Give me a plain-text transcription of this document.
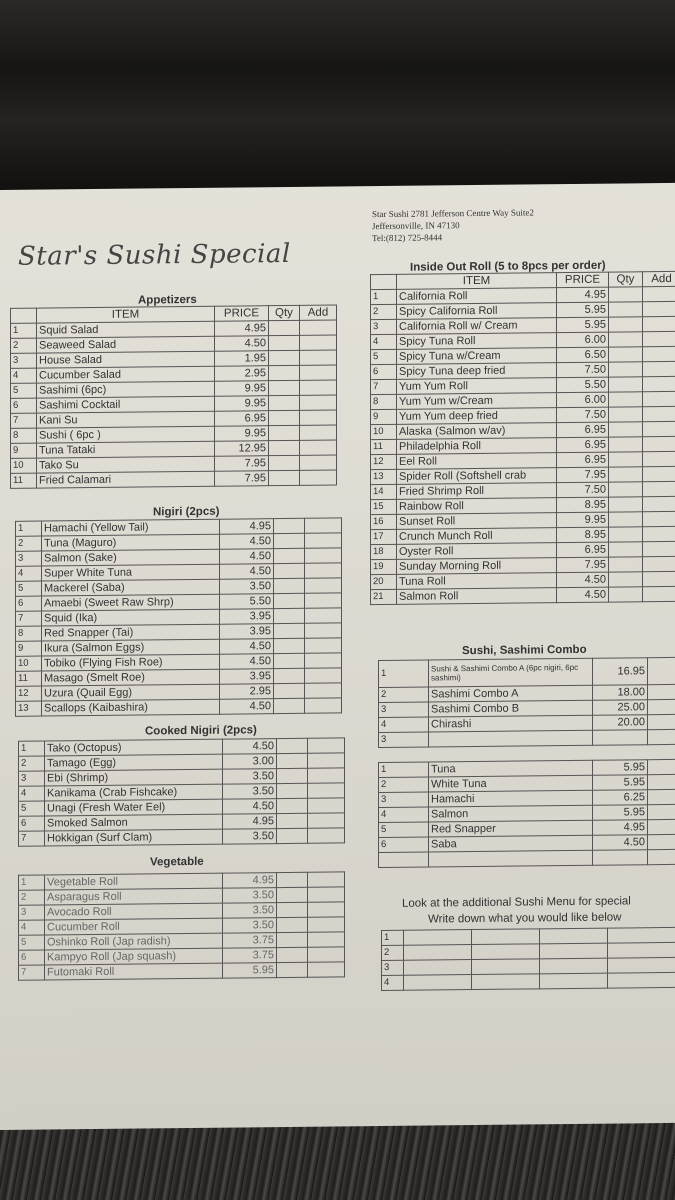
Star's Sushi Special
Star Sushi 2781 Jefferson Centre Way Suite2
Jeffersonville, IN 47130
Tel:(812) 725-8444
Appetizers
	ITEM	PRICE	Qty	Add
1	Squid Salad	4.95		
2	Seaweed Salad	4.50		
3	House Salad	1.95		
4	Cucumber Salad	2.95		
5	Sashimi (6pc)	9.95		
6	Sashimi Cocktail	9.95		
7	Kani Su	6.95		
8	Sushi ( 6pc )	9.95		
9	Tuna Tataki	12.95		
10	Tako Su	7.95		
11	Fried Calamari	7.95		
Nigiri (2pcs)
1	Hamachi (Yellow Tail)	4.95		
2	Tuna (Maguro)	4.50		
3	Salmon (Sake)	4.50		
4	Super White Tuna	4.50		
5	Mackerel (Saba)	3.50		
6	Amaebi (Sweet Raw Shrp)	5.50		
7	Squid (Ika)	3.95		
8	Red Snapper (Tai)	3.95		
9	Ikura (Salmon Eggs)	4.50		
10	Tobiko (Flying Fish Roe)	4.50		
11	Masago (Smelt Roe)	3.95		
12	Uzura (Quail Egg)	2.95		
13	Scallops (Kaibashira)	4.50		
Cooked Nigiri (2pcs)
1	Tako (Octopus)	4.50		
2	Tamago (Egg)	3.00		
3	Ebi (Shrimp)	3.50		
4	Kanikama (Crab Fishcake)	3.50		
5	Unagi (Fresh Water Eel)	4.50		
6	Smoked Salmon	4.95		
7	Hokkigan (Surf Clam)	3.50		
Vegetable
1	Vegetable Roll	4.95		
2	Asparagus Roll	3.50		
3	Avocado Roll	3.50		
4	Cucumber Roll	3.50		
5	Oshinko Roll (Jap radish)	3.75		
6	Kampyo Roll (Jap squash)	3.75		
7	Futomaki Roll	5.95		
Inside Out Roll (5 to 8pcs per order)
	ITEM	PRICE	Qty	Add
1	California Roll	4.95		
2	Spicy California Roll	5.95		
3	California Roll w/ Cream	5.95		
4	Spicy Tuna Roll	6.00		
5	Spicy Tuna w/Cream	6.50		
6	Spicy Tuna deep fried	7.50		
7	Yum Yum Roll	5.50		
8	Yum Yum w/Cream	6.00		
9	Yum Yum deep fried	7.50		
10	Alaska (Salmon w/av)	6.95		
11	Philadelphia Roll	6.95		
12	Eel Roll	6.95		
13	Spider Roll (Softshell crab	7.95		
14	Fried Shrimp Roll	7.50		
15	Rainbow Roll	8.95		
16	Sunset Roll	9.95		
17	Crunch Munch Roll	8.95		
18	Oyster Roll	6.95		
19	Sunday Morning Roll	7.95		
20	Tuna Roll	4.50		
21	Salmon Roll	4.50		
Sushi, Sashimi Combo
1	Sushi & Sashimi Combo A (6pc nigiri, 6pc sashimi)	16.95		
2	Sashimi Combo A	18.00		
3	Sashimi Combo B	25.00		
4	Chirashi	20.00		
3				
1	Tuna	5.95		
2	White Tuna	5.95		
3	Hamachi	6.25		
4	Salmon	5.95		
5	Red Snapper	4.95		
6	Saba	4.50		

Look at the additional Sushi Menu for special
Write down what you would like below
1				
2				
3				
4				
